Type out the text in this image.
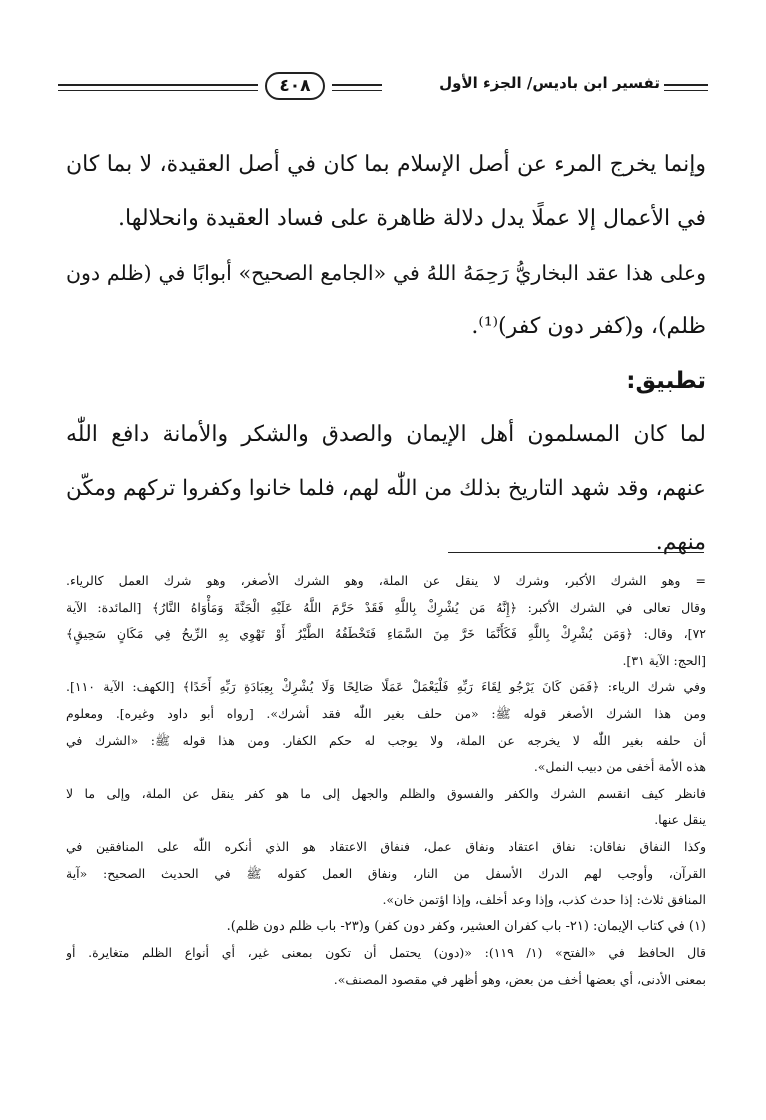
٤٠٨	تفسير ابن باديس/ الجزء الأول
وإنما يخرج المرء عن أصل الإسلام بما كان في أصل العقيدة، لا بما كان
في الأعمال إلا عملًا يدل دلالة ظاهرة على فساد العقيدة وانحلالها.
وعلى هذا عقد البخاريُّ رَحِمَهُ اللهُ في «الجامع الصحيح» أبوابًا في (ظلم دون
ظلم)، و(كفر دون كفر)⁽¹⁾.
تطبيق:
لما كان المسلمون أهل الإيمان والصدق والشكر والأمانة دافع اللّٰه
عنهم، وقد شهد التاريخ بذلك من اللّٰه لهم، فلما خانوا وكفروا تركهم ومكّن
منهم.
= وهو الشرك الأكبر، وشرك لا ينقل عن الملة، وهو الشرك الأصغر، وهو شرك العمل كالرياء.
وقال تعالى في الشرك الأكبر: ﴿إِنَّهُ مَن يُشْرِكْ بِاللَّهِ فَقَدْ حَرَّمَ اللَّهُ عَلَيْهِ الْجَنَّةَ وَمَأْوَاهُ النَّارُ﴾ [المائدة: الآية
٧٢]، وقال: ﴿وَمَن يُشْرِكْ بِاللَّهِ فَكَأَنَّمَا خَرَّ مِنَ السَّمَاءِ فَتَخْطَفُهُ الطَّيْرُ أَوْ تَهْوِي بِهِ الرِّيحُ فِي مَكَانٍ سَحِيقٍ﴾
[الحج: الآية ٣١].
وفي شرك الرياء: ﴿فَمَن كَانَ يَرْجُو لِقَاءَ رَبِّهِ فَلْيَعْمَلْ عَمَلًا صَالِحًا وَلَا يُشْرِكْ بِعِبَادَةِ رَبِّهِ أَحَدًا﴾ [الكهف: الآية ١١٠].
ومن هذا الشرك الأصغر قوله ﷺ: «من حلف بغير اللّٰه فقد أشرك». [رواه أبو داود وغيره]. ومعلوم
أن حلفه بغير اللّٰه لا يخرجه عن الملة، ولا يوجب له حكم الكفار. ومن هذا قوله ﷺ: «الشرك في
هذه الأمة أخفى من دبيب النمل».
فانظر كيف انقسم الشرك والكفر والفسوق والظلم والجهل إلى ما هو كفر ينقل عن الملة، وإلى ما لا
ينقل عنها.
وكذا النفاق نفاقان: نفاق اعتقاد ونفاق عمل، فنفاق الاعتقاد هو الذي أنكره اللّٰه على المنافقين في
القرآن، وأوجب لهم الدرك الأسفل من النار، ونفاق العمل كقوله ﷺ في الحديث الصحيح: «آية
المنافق ثلاث: إذا حدث كذب، وإذا وعد أخلف، وإذا اؤتمن خان».
(١) في كتاب الإيمان: (٢١- باب كفران العشير، وكفر دون كفر) و(٢٣- باب ظلم دون ظلم).
قال الحافظ في «الفتح» (١/ ١١٩): «(دون) يحتمل أن تكون بمعنى غير، أي أنواع الظلم متغايرة. أو
بمعنى الأدنى، أي بعضها أخف من بعض، وهو أظهر في مقصود المصنف».
